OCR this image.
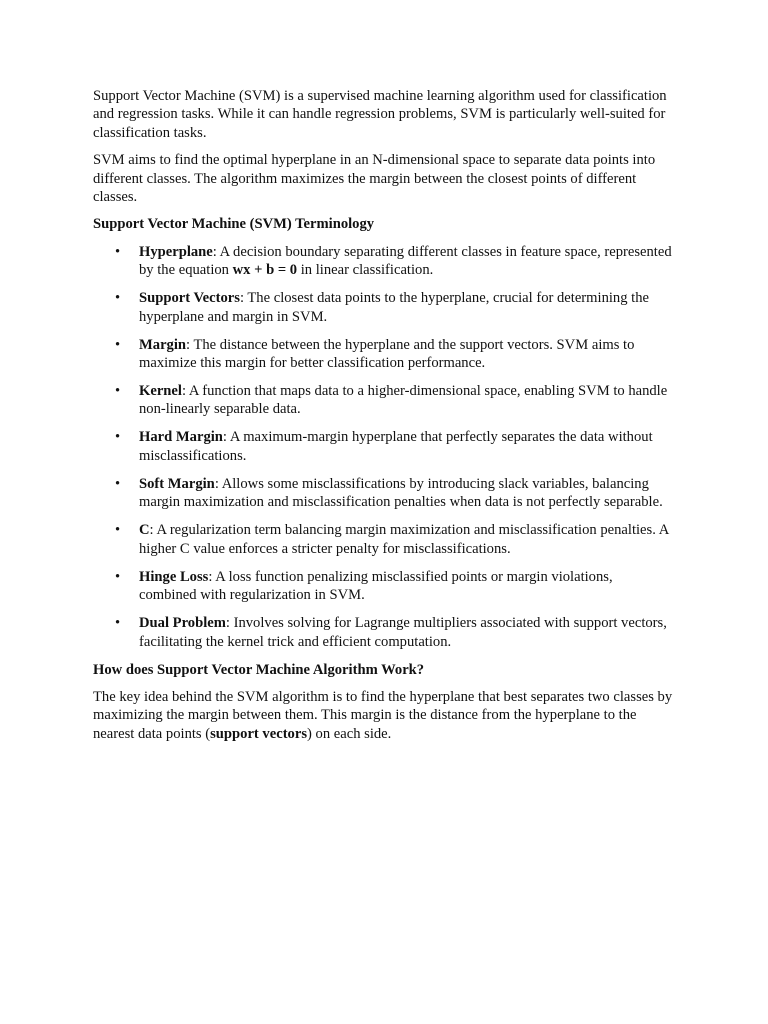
Support Vector Machine (SVM) is a supervised machine learning algorithm used for classification and regression tasks. While it can handle regression problems, SVM is particularly well-suited for classification tasks.

SVM aims to find the optimal hyperplane in an N-dimensional space to separate data points into different classes. The algorithm maximizes the margin between the closest points of different classes.

Support Vector Machine (SVM) Terminology

• Hyperplane: A decision boundary separating different classes in feature space, represented by the equation wx + b = 0 in linear classification.
• Support Vectors: The closest data points to the hyperplane, crucial for determining the hyperplane and margin in SVM.
• Margin: The distance between the hyperplane and the support vectors. SVM aims to maximize this margin for better classification performance.
• Kernel: A function that maps data to a higher-dimensional space, enabling SVM to handle non-linearly separable data.
• Hard Margin: A maximum-margin hyperplane that perfectly separates the data without misclassifications.
• Soft Margin: Allows some misclassifications by introducing slack variables, balancing margin maximization and misclassification penalties when data is not perfectly separable.
• C: A regularization term balancing margin maximization and misclassification penalties. A higher C value enforces a stricter penalty for misclassifications.
• Hinge Loss: A loss function penalizing misclassified points or margin violations, combined with regularization in SVM.
• Dual Problem: Involves solving for Lagrange multipliers associated with support vectors, facilitating the kernel trick and efficient computation.

How does Support Vector Machine Algorithm Work?

The key idea behind the SVM algorithm is to find the hyperplane that best separates two classes by maximizing the margin between them. This margin is the distance from the hyperplane to the nearest data points (support vectors) on each side.
